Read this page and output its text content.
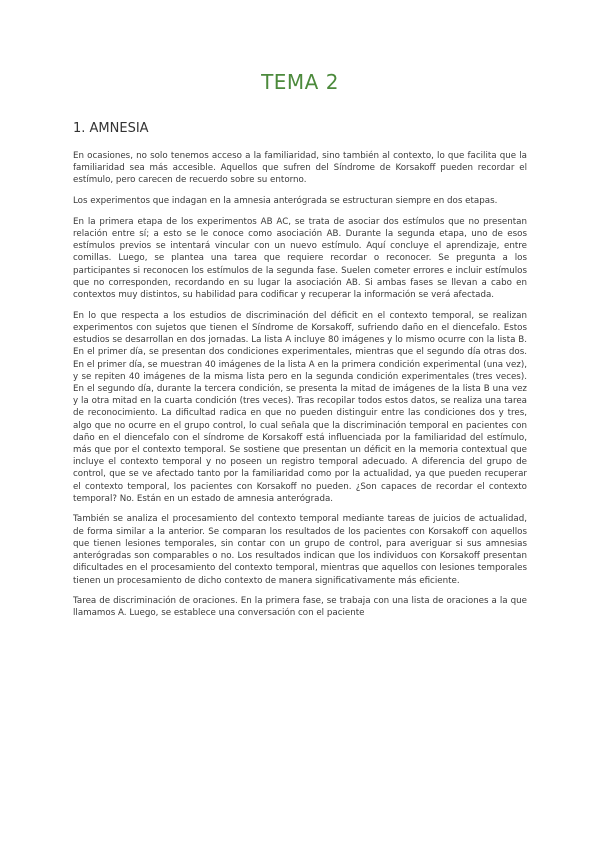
TEMA 2
1. AMNESIA

En ocasiones, no solo tenemos acceso a la familiaridad, sino también al contexto, lo que facilita que la familiaridad sea más accesible. Aquellos que sufren del Síndrome de Korsakoff pueden recordar el estímulo, pero carecen de recuerdo sobre su entorno.

Los experimentos que indagan en la amnesia anterógrada se estructuran siempre en dos etapas.

En la primera etapa de los experimentos AB AC, se trata de asociar dos estímulos que no presentan relación entre sí; a esto se le conoce como asociación AB. Durante la segunda etapa, uno de esos estímulos previos se intentará vincular con un nuevo estímulo. Aquí concluye el aprendizaje, entre comillas. Luego, se plantea una tarea que requiere recordar o reconocer. Se pregunta a los participantes si reconocen los estímulos de la segunda fase. Suelen cometer errores e incluir estímulos que no corresponden, recordando en su lugar la asociación AB. Si ambas fases se llevan a cabo en contextos muy distintos, su habilidad para codificar y recuperar la información se verá afectada.

En lo que respecta a los estudios de discriminación del déficit en el contexto temporal, se realizan experimentos con sujetos que tienen el Síndrome de Korsakoff, sufriendo daño en el diencefalo. Estos estudios se desarrollan en dos jornadas. La lista A incluye 80 imágenes y lo mismo ocurre con la lista B. En el primer día, se presentan dos condiciones experimentales, mientras que el segundo día otras dos. En el primer día, se muestran 40 imágenes de la lista A en la primera condición experimental (una vez), y se repiten 40 imágenes de la misma lista pero en la segunda condición experimentales (tres veces). En el segundo día, durante la tercera condición, se presenta la mitad de imágenes de la lista B una vez y la otra mitad en la cuarta condición (tres veces). Tras recopilar todos estos datos, se realiza una tarea de reconocimiento. La dificultad radica en que no pueden distinguir entre las condiciones dos y tres, algo que no ocurre en el grupo control, lo cual señala que la discriminación temporal en pacientes con daño en el diencefalo con el síndrome de Korsakoff está influenciada por la familiaridad del estímulo, más que por el contexto temporal. Se sostiene que presentan un déficit en la memoria contextual que incluye el contexto temporal y no poseen un registro temporal adecuado. A diferencia del grupo de control, que se ve afectado tanto por la familiaridad como por la actualidad, ya que pueden recuperar el contexto temporal, los pacientes con Korsakoff no pueden. ¿Son capaces de recordar el contexto temporal? No. Están en un estado de amnesia anterógrada.

También se analiza el procesamiento del contexto temporal mediante tareas de juicios de actualidad, de forma similar a la anterior. Se comparan los resultados de los pacientes con Korsakoff con aquellos que tienen lesiones temporales, sin contar con un grupo de control, para averiguar si sus amnesias anterógradas son comparables o no. Los resultados indican que los individuos con Korsakoff presentan dificultades en el procesamiento del contexto temporal, mientras que aquellos con lesiones temporales tienen un procesamiento de dicho contexto de manera significativamente más eficiente.

Tarea de discriminación de oraciones. En la primera fase, se trabaja con una lista de oraciones a la que llamamos A. Luego, se establece una conversación con el paciente
